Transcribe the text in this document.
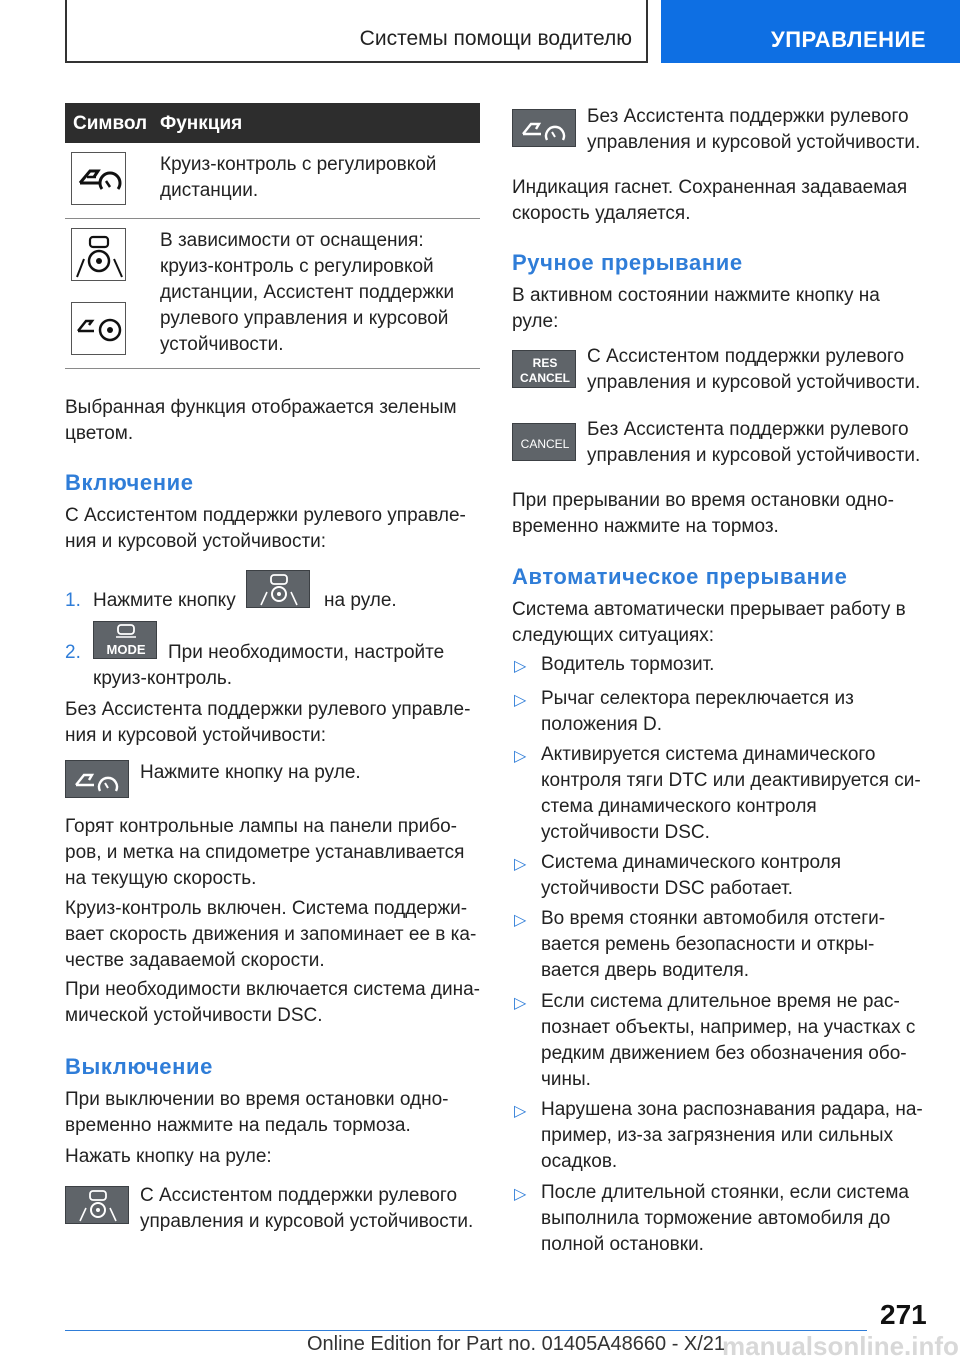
Системы помощи водителю	УПРАВЛЕНИЕ
Символ Функция
Круиз-контроль с регулировкой
дистанции.
В зависимости от оснащения:
круиз-контроль с регулировкой
дистанции, Ассистент поддержки
рулевого управления и курсовой
устойчивости.
Выбранная функция отображается зеленым
цветом.
Включение
С Ассистентом поддержки рулевого управле-
ния и курсовой устойчивости:
1. Нажмите кнопку	на руле.
2. MODE При необходимости, настройте
круиз-контроль.
Без Ассистента поддержки рулевого управле-
ния и курсовой устойчивости:
Нажмите кнопку на руле.
Горят контрольные лампы на панели прибо-
ров, и метка на спидометре устанавливается
на текущую скорость.
Круиз-контроль включен. Система поддержи-
вает скорость движения и запоминает ее в ка-
честве задаваемой скорости.
При необходимости включается система дина-
мической устойчивости DSC.
Выключение
При выключении во время остановки одно-
временно нажмите на педаль тормоза.
Нажать кнопку на руле:
С Ассистентом поддержки рулевого
управления и курсовой устойчивости.
Без Ассистента поддержки рулевого
управления и курсовой устойчивости.
Индикация гаснет. Сохраненная задаваемая
скорость удаляется.
Ручное прерывание
В активном состоянии нажмите кнопку на
руле:
RES
CANCEL
С Ассистентом поддержки рулевого
управления и курсовой устойчивости.
CANCEL
Без Ассистента поддержки рулевого
управления и курсовой устойчивости.
При прерывании во время остановки одно-
временно нажмите на тормоз.
Автоматическое прерывание
Система автоматически прерывает работу в
следующих ситуациях:
▷ Водитель тормозит.
▷ Рычаг селектора переключается из
положения D.
▷ Активируется система динамического
контроля тяги DTC или деактивируется си-
стема динамического контроля
устойчивости DSC.
▷ Система динамического контроля
устойчивости DSC работает.
▷ Во время стоянки автомобиля отстеги-
вается ремень безопасности и откры-
вается дверь водителя.
▷ Если система длительное время не рас-
познает объекты, например, на участках с
редким движением без обозначения обо-
чины.
▷ Нарушена зона распознавания радара, на-
пример, из-за загрязнения или сильных
осадков.
▷ После длительной стоянки, если система
выполнила торможение автомобиля до
полной остановки.
271
manualsonline.info
Online Edition for Part no. 01405A48660 - X/21
